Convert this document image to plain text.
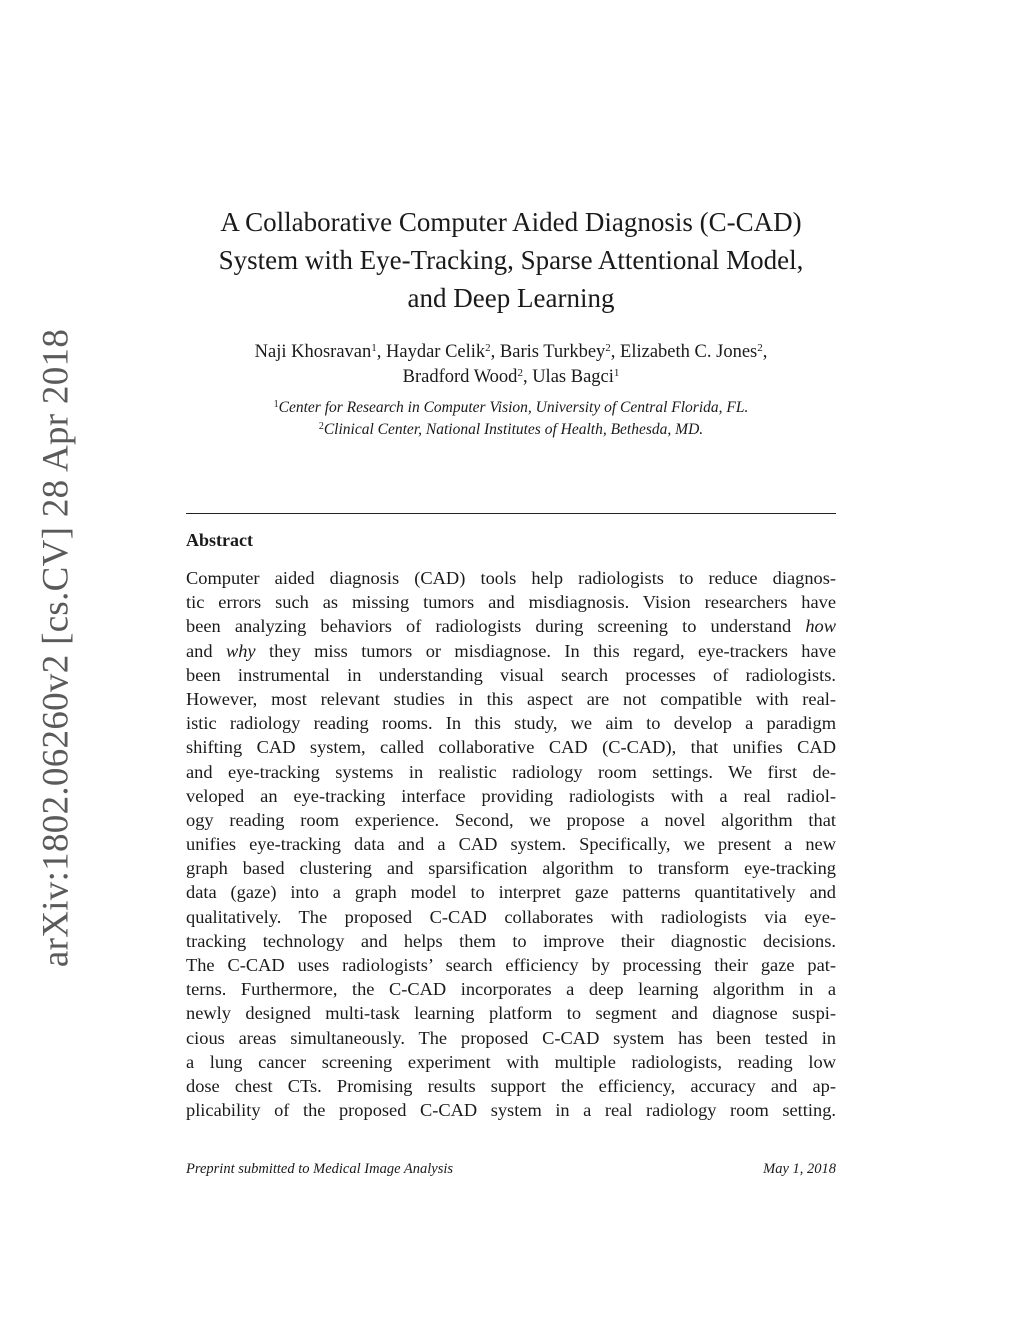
arXiv:1802.06260v2 [cs.CV] 28 Apr 2018
A Collaborative Computer Aided Diagnosis (C-CAD)
System with Eye-Tracking, Sparse Attentional Model,
and Deep Learning
Naji Khosravan$^1$, Haydar Celik$^2$, Baris Turkbey$^2$, Elizabeth C. Jones$^2$,
Bradford Wood$^2$, Ulas Bagci$^1$
$^1$Center for Research in Computer Vision, University of Central Florida, FL.
$^2$Clinical Center, National Institutes of Health, Bethesda, MD.
Abstract
Computer aided diagnosis (CAD) tools help radiologists to reduce diagnos-
tic errors such as missing tumors and misdiagnosis. Vision researchers have
been analyzing behaviors of radiologists during screening to understand how
and why they miss tumors or misdiagnose. In this regard, eye-trackers have
been instrumental in understanding visual search processes of radiologists.
However, most relevant studies in this aspect are not compatible with real-
istic radiology reading rooms. In this study, we aim to develop a paradigm
shifting CAD system, called collaborative CAD (C-CAD), that unifies CAD
and eye-tracking systems in realistic radiology room settings. We first de-
veloped an eye-tracking interface providing radiologists with a real radiol-
ogy reading room experience. Second, we propose a novel algorithm that
unifies eye-tracking data and a CAD system. Specifically, we present a new
graph based clustering and sparsification algorithm to transform eye-tracking
data (gaze) into a graph model to interpret gaze patterns quantitatively and
qualitatively. The proposed C-CAD collaborates with radiologists via eye-
tracking technology and helps them to improve their diagnostic decisions.
The C-CAD uses radiologists’ search efficiency by processing their gaze pat-
terns. Furthermore, the C-CAD incorporates a deep learning algorithm in a
newly designed multi-task learning platform to segment and diagnose suspi-
cious areas simultaneously. The proposed C-CAD system has been tested in
a lung cancer screening experiment with multiple radiologists, reading low
dose chest CTs. Promising results support the efficiency, accuracy and ap-
plicability of the proposed C-CAD system in a real radiology room setting.
Preprint submitted to Medical Image Analysis	May 1, 2018
